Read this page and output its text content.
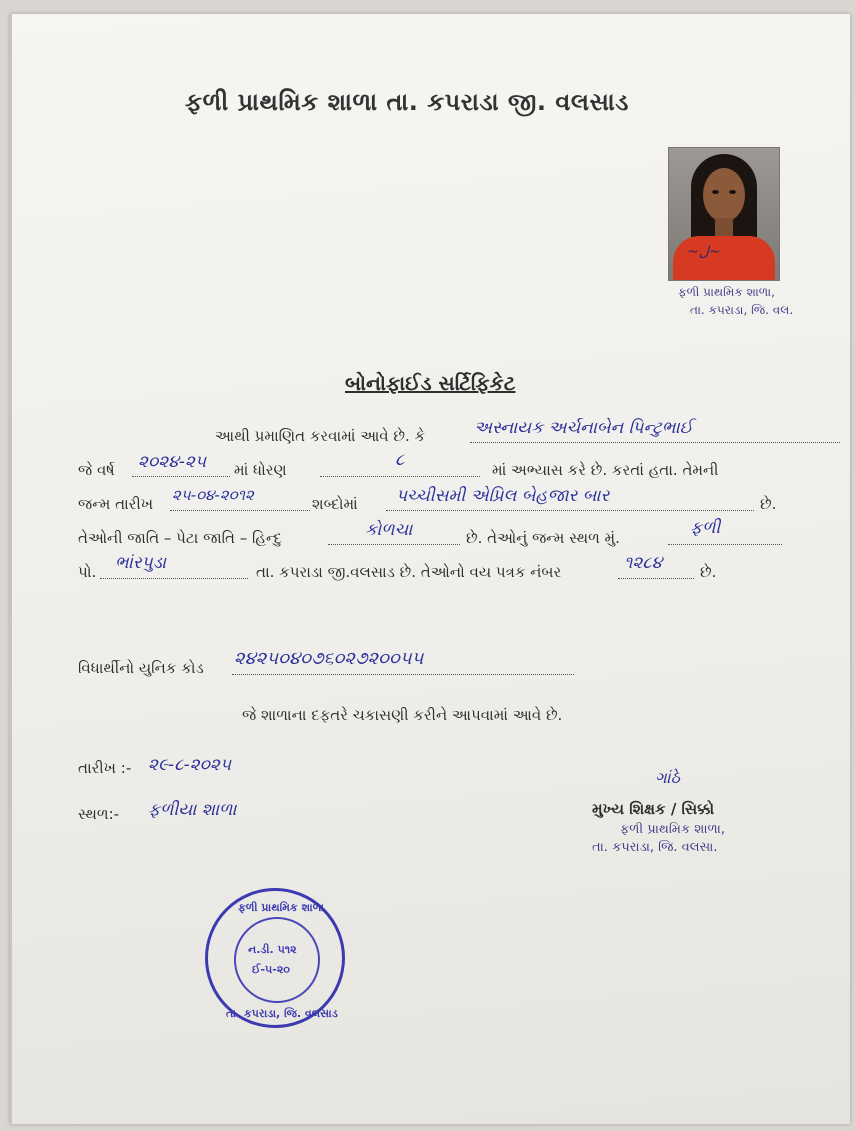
ફળી પ્રાથમિક શાળા તા. કપરાડા જી. વલસાડ
~ﻝ~
ફળી પ્રાથમિક શાળા,
તા. કપરાડા, જિ. વલ.
બોનોફાઈડ સર્ટિફિકેટ
આથી પ્રમાણિત કરવામાં આવે છે. કે	અસ્નાયક અર્ચનાબેન પિન્ટુભાઈ
જે વર્ષ ૨૦૨૪-૨૫ માં ધોરણ	૮	માં અભ્યાસ કરે છે. કરતાં હતા. તેમની
જન્મ તારીખ ૨૫-૦૪-૨૦૧૨	શબ્દોમાં પચ્ચીસમી એપ્રિલ બેહજાર બાર	છે.
તેઓની જાતિ – પેટા જાતિ – હિન્દુ	કોળચા	છે. તેઓનું જન્મ સ્થળ મું.	ફળી
પો. ભાંરપુડા	તા. કપરાડા જી.વલસાડ છે. તેઓનો વય પત્રક નંબર	૧૨૮૪	છે.
વિધાર્થીનો યુનિક કોડ ૨૪૨૫૦૪૦૭૬૦૨૭૨૦૦૫૫
જે શાળાના દફતરે ચકાસણી કરીને આપવામાં આવે છે.
તારીખ :- ૨૯-૮-૨૦૨૫
સ્થળ:- ફળીયા શાળા
ગાંઠે
મુખ્ય શિક્ષક / સિક્કો
ફળી પ્રાથમિક શાળા,
તા. કપરાડા, જિ. વલસા.
ફળી પ્રાથમિક શાળા
તા. કપરાડા, જિ. વલસાડ
ન.ડી. ૫૧૨
ઈ-૫-૨૦
